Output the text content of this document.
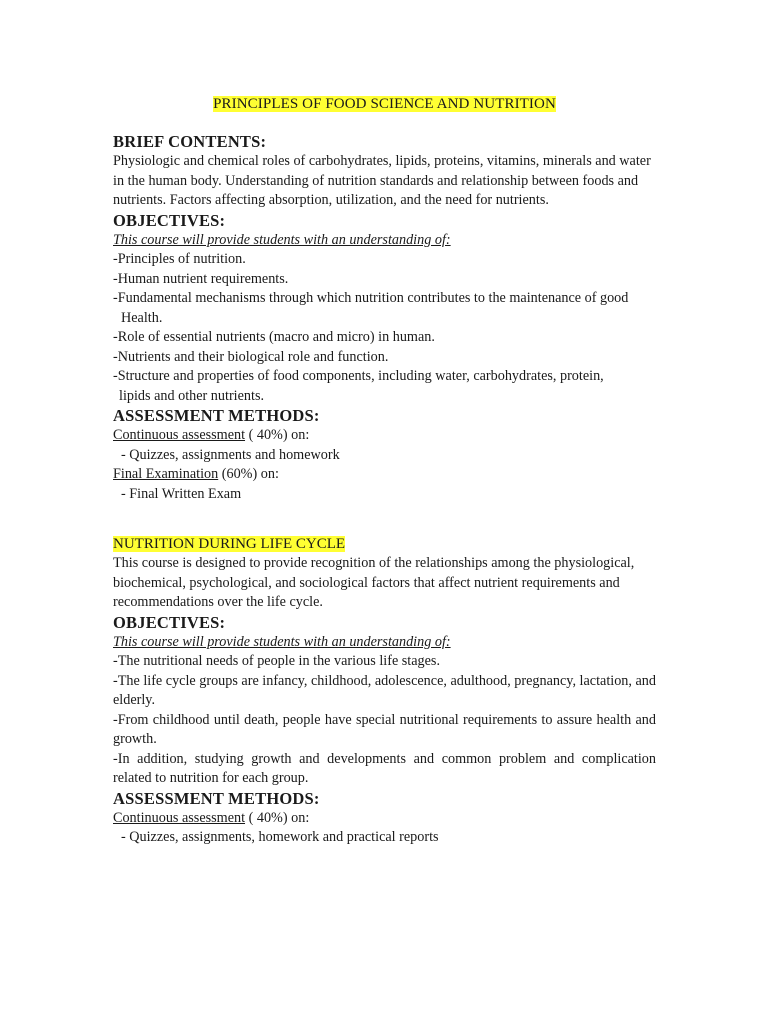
PRINCIPLES OF FOOD SCIENCE AND NUTRITION
BRIEF CONTENTS:
Physiologic and chemical roles of carbohydrates, lipids, proteins, vitamins, minerals and water in the human body. Understanding of nutrition standards and relationship between foods and nutrients. Factors affecting absorption, utilization, and the need for nutrients.
OBJECTIVES:
This course will provide students with an understanding of:
-Principles of nutrition.
-Human nutrient requirements.
-Fundamental mechanisms through which nutrition contributes to the maintenance of good
Health.
-Role of essential nutrients (macro and micro) in human.
-Nutrients and their biological role and function.
-Structure and properties of food components, including water, carbohydrates, protein,
lipids and other nutrients.
ASSESSMENT METHODS:
Continuous assessment ( 40%) on:
- Quizzes, assignments and homework
Final Examination (60%) on:
- Final Written Exam
NUTRITION DURING LIFE CYCLE
This course is designed to provide recognition of the relationships among the physiological, biochemical, psychological, and sociological factors that affect nutrient requirements and recommendations over the life cycle.
OBJECTIVES:
This course will provide students with an understanding of:
-The nutritional needs of people in the various life stages.
-The life cycle groups are infancy, childhood, adolescence, adulthood, pregnancy, lactation, and elderly.
-From childhood until death, people have special nutritional requirements to assure health and growth.
-In addition, studying growth and developments and common problem and complication related to nutrition for each group.
ASSESSMENT METHODS:
Continuous assessment ( 40%) on:
- Quizzes, assignments, homework and practical reports
